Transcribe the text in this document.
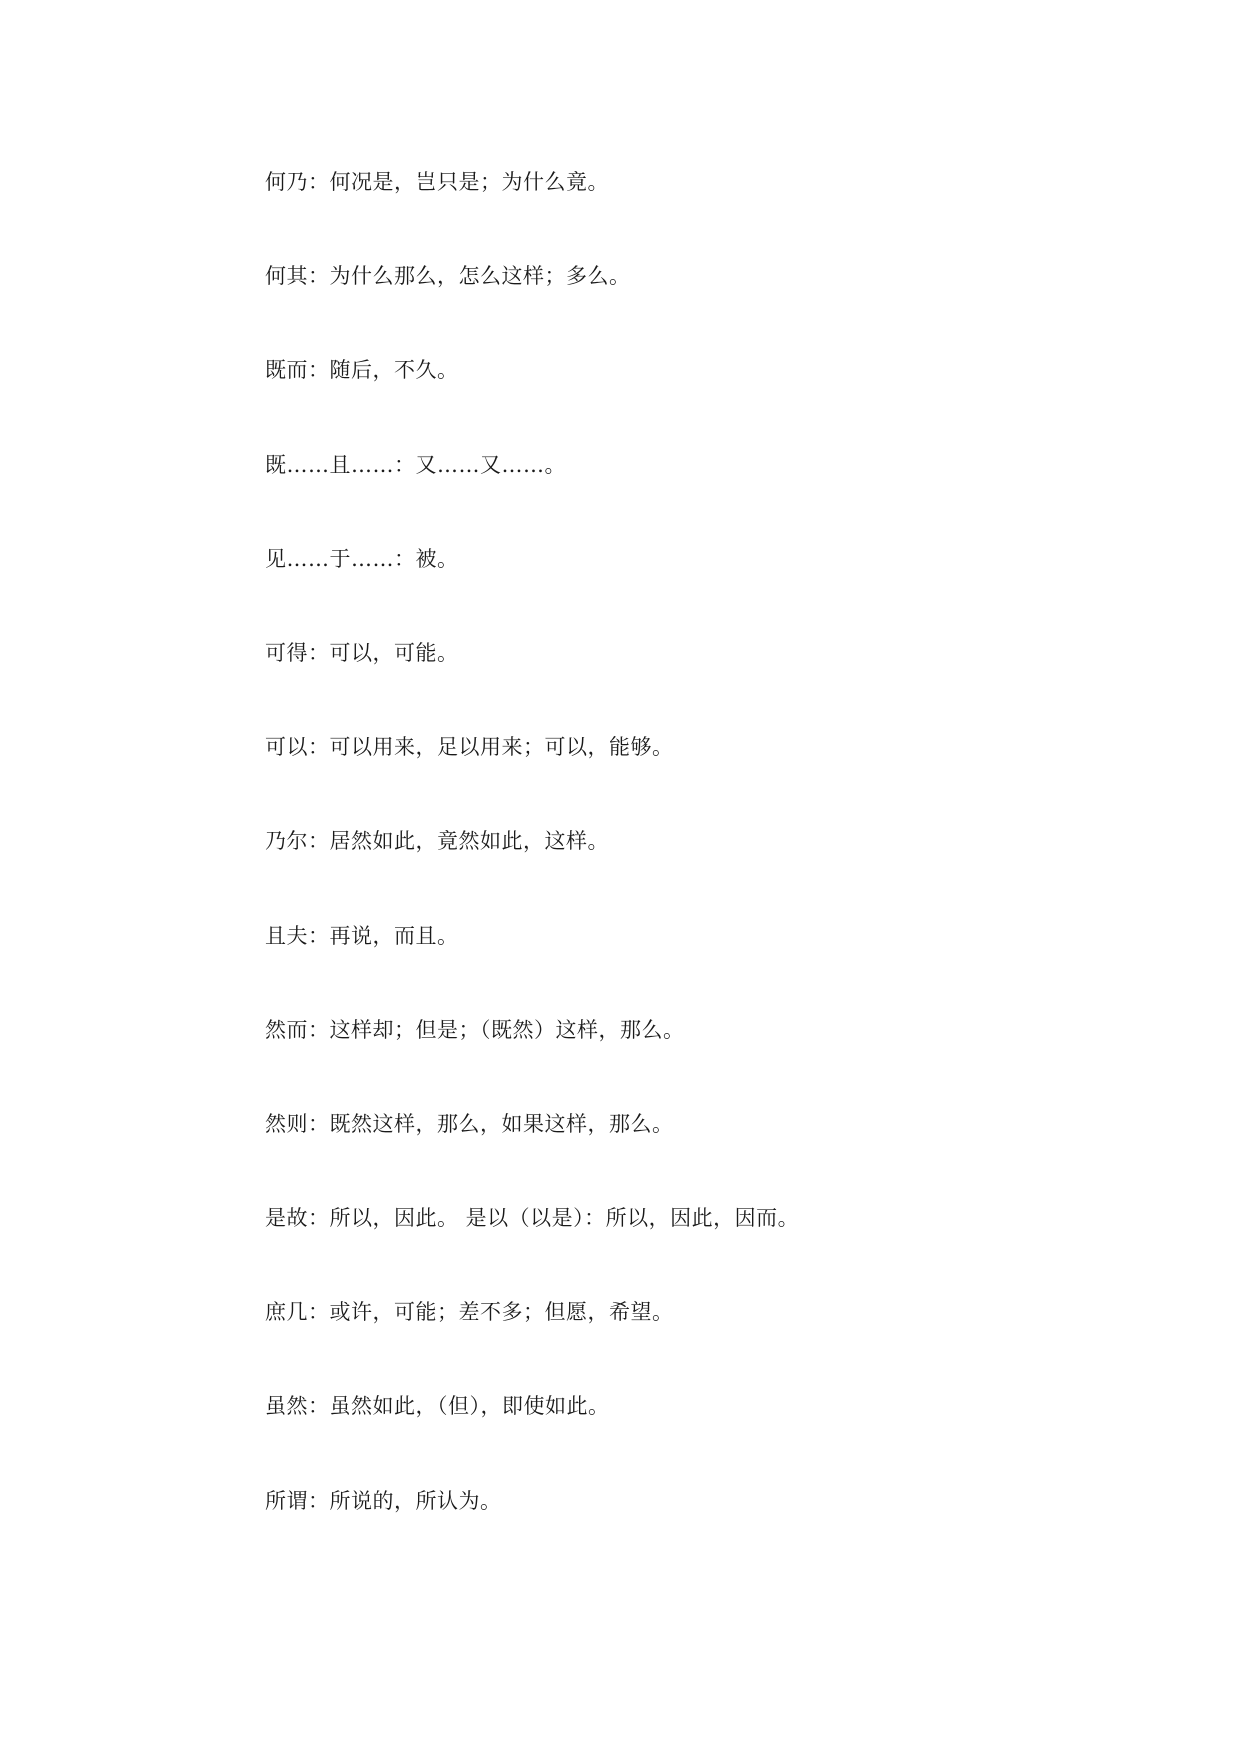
何乃：何况是，岂只是；为什么竟。
何其：为什么那么，怎么这样；多么。
既而：随后，不久。
既……且……：又……又……。
见……于……：被。
可得：可以，可能。
可以：可以用来，足以用来；可以，能够。
乃尔：居然如此，竟然如此，这样。
且夫：再说，而且。
然而：这样却；但是；（既然）这样，那么。
然则：既然这样，那么，如果这样，那么。
是故：所以，因此。 是以（以是）：所以，因此，因而。
庶几：或许，可能；差不多；但愿，希望。
虽然：虽然如此，（但），即使如此。
所谓：所说的，所认为。
